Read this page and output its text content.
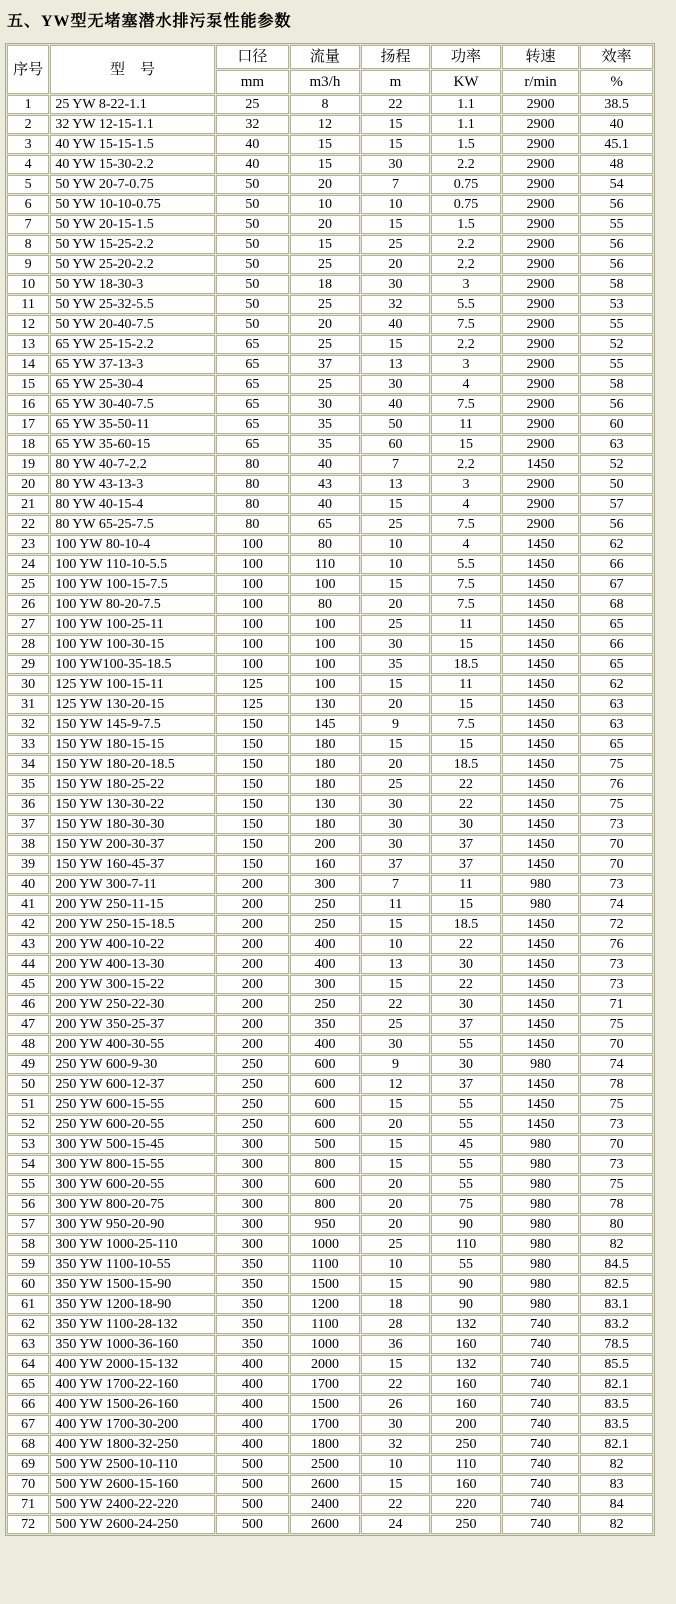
五、YW型无堵塞潜水排污泵性能参数
序号	型　号	口径	流量	扬程	功率	转速	效率
		mm	m3/h	m	KW	r/min	%
1	25 YW 8-22-1.1	25	8	22	1.1	2900	38.5
2	32 YW 12-15-1.1	32	12	15	1.1	2900	40
3	40 YW 15-15-1.5	40	15	15	1.5	2900	45.1
4	40 YW 15-30-2.2	40	15	30	2.2	2900	48
5	50 YW 20-7-0.75	50	20	7	0.75	2900	54
6	50 YW 10-10-0.75	50	10	10	0.75	2900	56
7	50 YW 20-15-1.5	50	20	15	1.5	2900	55
8	50 YW 15-25-2.2	50	15	25	2.2	2900	56
9	50 YW 25-20-2.2	50	25	20	2.2	2900	56
10	50 YW 18-30-3	50	18	30	3	2900	58
11	50 YW 25-32-5.5	50	25	32	5.5	2900	53
12	50 YW 20-40-7.5	50	20	40	7.5	2900	55
13	65 YW 25-15-2.2	65	25	15	2.2	2900	52
14	65 YW 37-13-3	65	37	13	3	2900	55
15	65 YW 25-30-4	65	25	30	4	2900	58
16	65 YW 30-40-7.5	65	30	40	7.5	2900	56
17	65 YW 35-50-11	65	35	50	11	2900	60
18	65 YW 35-60-15	65	35	60	15	2900	63
19	80 YW 40-7-2.2	80	40	7	2.2	1450	52
20	80 YW 43-13-3	80	43	13	3	2900	50
21	80 YW 40-15-4	80	40	15	4	2900	57
22	80 YW 65-25-7.5	80	65	25	7.5	2900	56
23	100 YW 80-10-4	100	80	10	4	1450	62
24	100 YW 110-10-5.5	100	110	10	5.5	1450	66
25	100 YW 100-15-7.5	100	100	15	7.5	1450	67
26	100 YW 80-20-7.5	100	80	20	7.5	1450	68
27	100 YW 100-25-11	100	100	25	11	1450	65
28	100 YW 100-30-15	100	100	30	15	1450	66
29	100 YW100-35-18.5	100	100	35	18.5	1450	65
30	125 YW 100-15-11	125	100	15	11	1450	62
31	125 YW 130-20-15	125	130	20	15	1450	63
32	150 YW 145-9-7.5	150	145	9	7.5	1450	63
33	150 YW 180-15-15	150	180	15	15	1450	65
34	150 YW 180-20-18.5	150	180	20	18.5	1450	75
35	150 YW 180-25-22	150	180	25	22	1450	76
36	150 YW 130-30-22	150	130	30	22	1450	75
37	150 YW 180-30-30	150	180	30	30	1450	73
38	150 YW 200-30-37	150	200	30	37	1450	70
39	150 YW 160-45-37	150	160	37	37	1450	70
40	200 YW 300-7-11	200	300	7	11	980	73
41	200 YW 250-11-15	200	250	11	15	980	74
42	200 YW 250-15-18.5	200	250	15	18.5	1450	72
43	200 YW 400-10-22	200	400	10	22	1450	76
44	200 YW 400-13-30	200	400	13	30	1450	73
45	200 YW 300-15-22	200	300	15	22	1450	73
46	200 YW 250-22-30	200	250	22	30	1450	71
47	200 YW 350-25-37	200	350	25	37	1450	75
48	200 YW 400-30-55	200	400	30	55	1450	70
49	250 YW 600-9-30	250	600	9	30	980	74
50	250 YW 600-12-37	250	600	12	37	1450	78
51	250 YW 600-15-55	250	600	15	55	1450	75
52	250 YW 600-20-55	250	600	20	55	1450	73
53	300 YW 500-15-45	300	500	15	45	980	70
54	300 YW 800-15-55	300	800	15	55	980	73
55	300 YW 600-20-55	300	600	20	55	980	75
56	300 YW 800-20-75	300	800	20	75	980	78
57	300 YW 950-20-90	300	950	20	90	980	80
58	300 YW 1000-25-110	300	1000	25	110	980	82
59	350 YW 1100-10-55	350	1100	10	55	980	84.5
60	350 YW 1500-15-90	350	1500	15	90	980	82.5
61	350 YW 1200-18-90	350	1200	18	90	980	83.1
62	350 YW 1100-28-132	350	1100	28	132	740	83.2
63	350 YW 1000-36-160	350	1000	36	160	740	78.5
64	400 YW 2000-15-132	400	2000	15	132	740	85.5
65	400 YW 1700-22-160	400	1700	22	160	740	82.1
66	400 YW 1500-26-160	400	1500	26	160	740	83.5
67	400 YW 1700-30-200	400	1700	30	200	740	83.5
68	400 YW 1800-32-250	400	1800	32	250	740	82.1
69	500 YW 2500-10-110	500	2500	10	110	740	82
70	500 YW 2600-15-160	500	2600	15	160	740	83
71	500 YW 2400-22-220	500	2400	22	220	740	84
72	500 YW 2600-24-250	500	2600	24	250	740	82
